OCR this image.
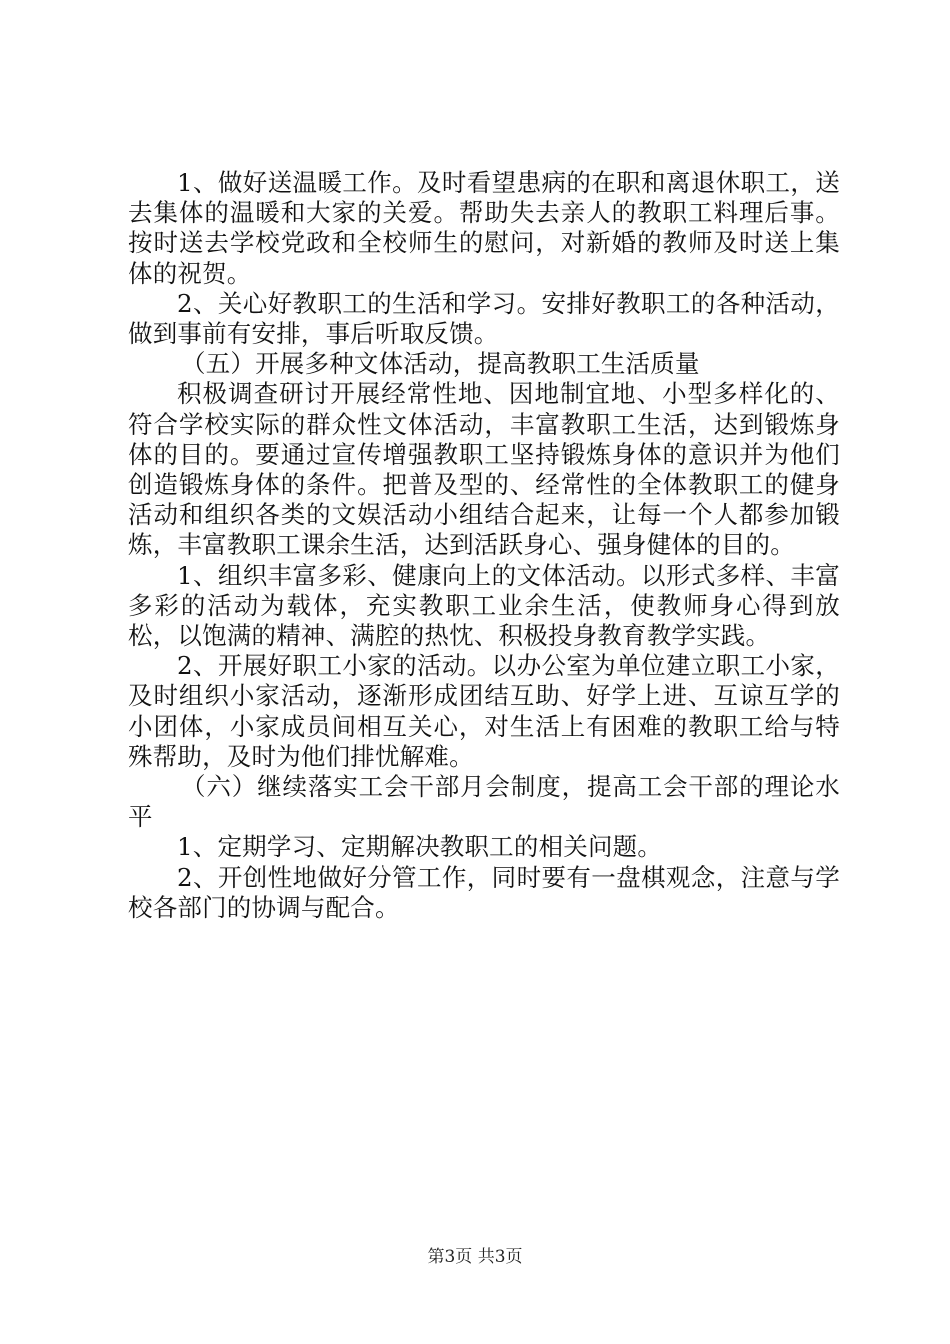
1、做好送温暖工作。及时看望患病的在职和离退休职工，送去集体的温暖和大家的关爱。帮助失去亲人的教职工料理后事。按时送去学校党政和全校师生的慰问，对新婚的教师及时送上集体的祝贺。

2、关心好教职工的生活和学习。安排好教职工的各种活动，做到事前有安排，事后听取反馈。

（五）开展多种文体活动，提高教职工生活质量

积极调查研讨开展经常性地、因地制宜地、小型多样化的、符合学校实际的群众性文体活动，丰富教职工生活，达到锻炼身体的目的。要通过宣传增强教职工坚持锻炼身体的意识并为他们创造锻炼身体的条件。把普及型的、经常性的全体教职工的健身活动和组织各类的文娱活动小组结合起来，让每一个人都参加锻炼，丰富教职工课余生活，达到活跃身心、强身健体的目的。

1、组织丰富多彩、健康向上的文体活动。以形式多样、丰富多彩的活动为载体，充实教职工业余生活，使教师身心得到放松，以饱满的精神、满腔的热忱、积极投身教育教学实践。

2、开展好职工小家的活动。以办公室为单位建立职工小家，及时组织小家活动，逐渐形成团结互助、好学上进、互谅互学的小团体，小家成员间相互关心，对生活上有困难的教职工给与特殊帮助，及时为他们排忧解难。

（六）继续落实工会干部月会制度，提高工会干部的理论水平

1、定期学习、定期解决教职工的相关问题。

2、开创性地做好分管工作，同时要有一盘棋观念，注意与学校各部门的协调与配合。

第3页 共3页
